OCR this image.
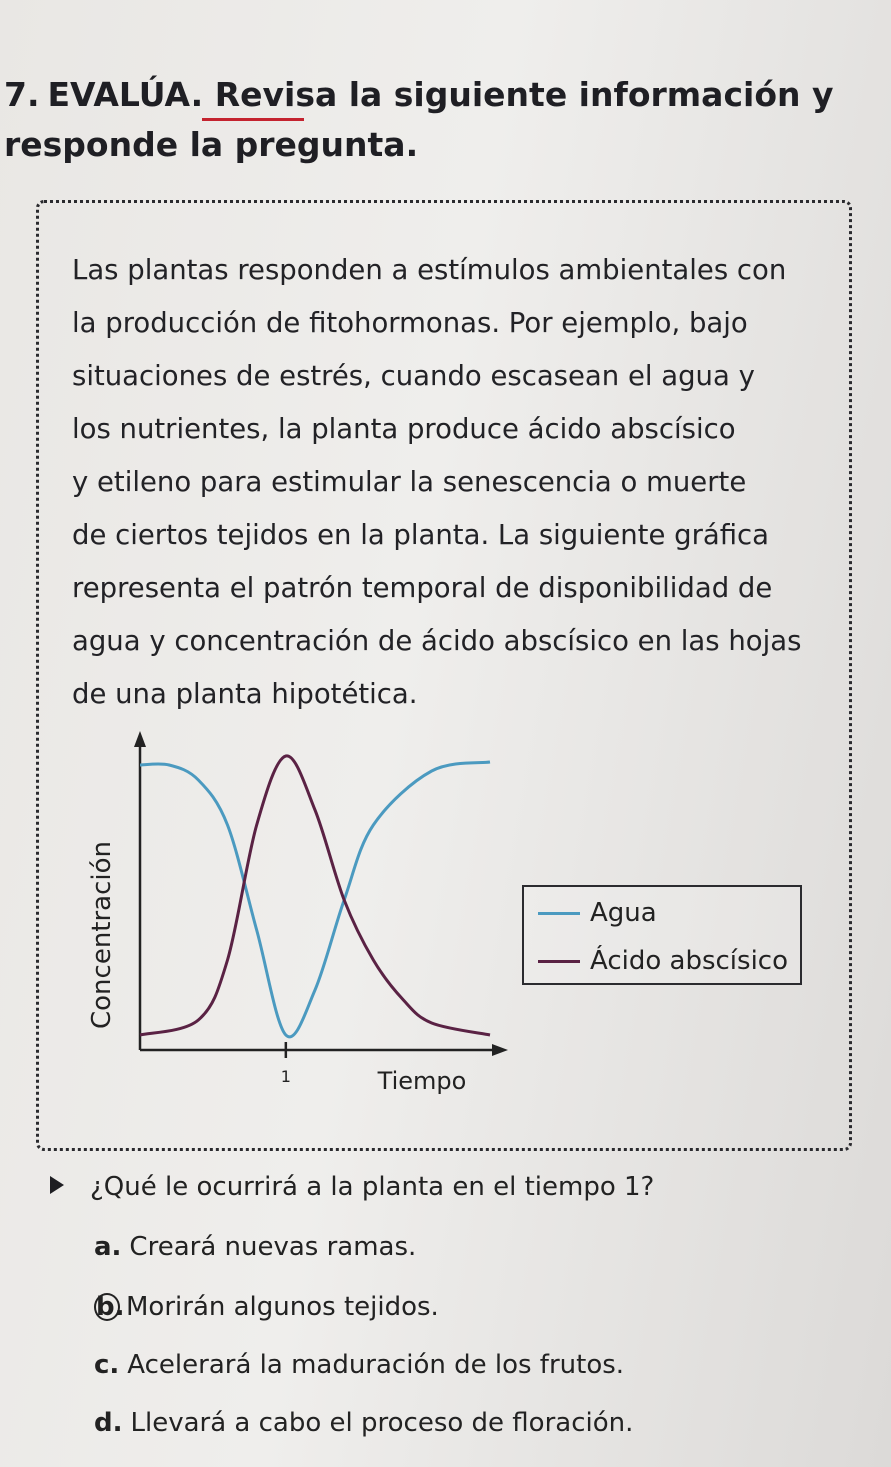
7. EVALÚA. Revisa la siguiente información y responde la pregunta.
Las plantas responden a estímulos ambientales con
la producción de fitohormonas. Por ejemplo, bajo
situaciones de estrés, cuando escasean el agua y
los nutrientes, la planta produce ácido abscísico
y etileno para estimular la senescencia o muerte
de ciertos tejidos en la planta. La siguiente gráfica
representa el patrón temporal de disponibilidad de
agua y concentración de ácido abscísico en las hojas
de una planta hipotética.
1
Concentración
Tiempo
Agua
Ácido abscísico
¿Qué le ocurrirá a la planta en el tiempo 1?
a. Creará nuevas ramas.
b.Morirán algunos tejidos.
c. Acelerará la maduración de los frutos.
d. Llevará a cabo el proceso de floración.
